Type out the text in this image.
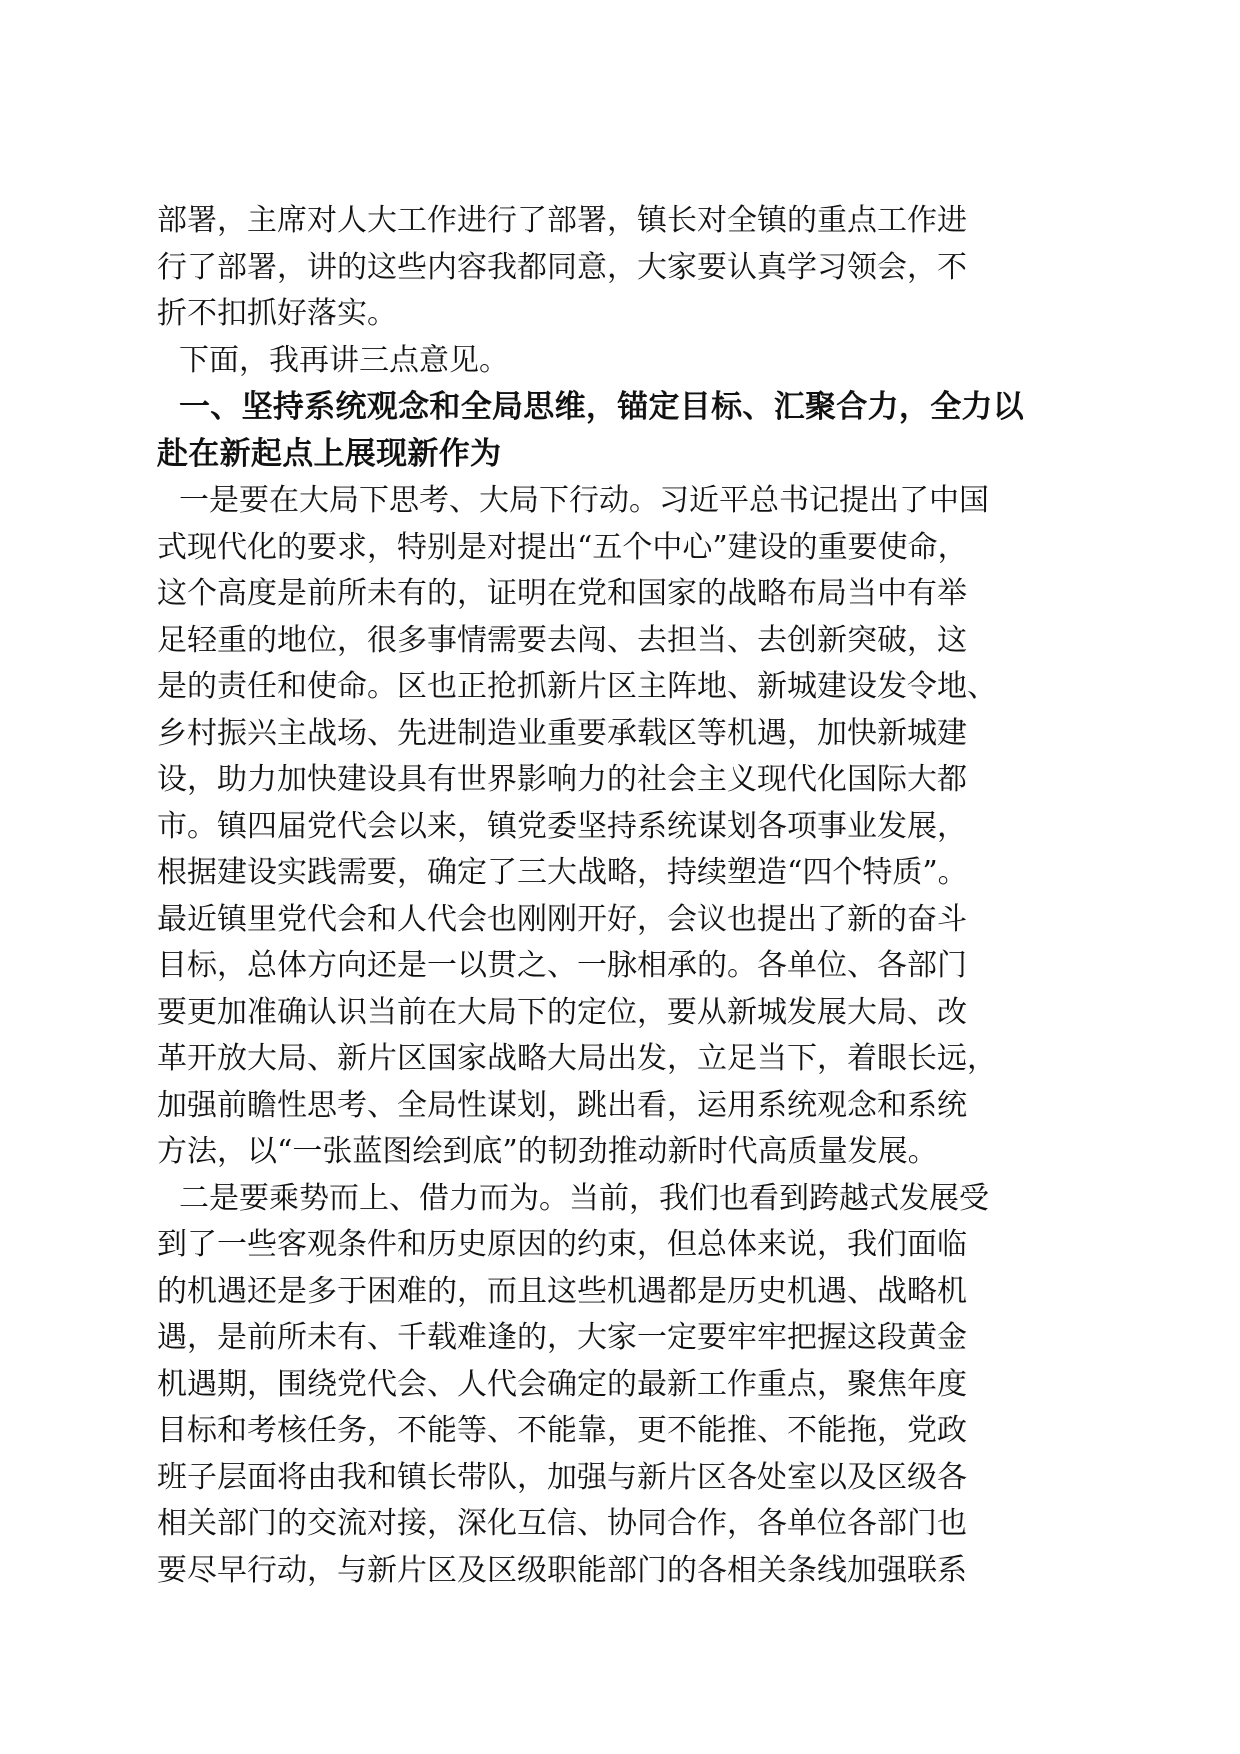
部署，主席对人大工作进行了部署，镇长对全镇的重点工作进
行了部署，讲的这些内容我都同意，大家要认真学习领会，不
折不扣抓好落实。
下面，我再讲三点意见。
一、坚持系统观念和全局思维，锚定目标、汇聚合力，全力以
赴在新起点上展现新作为
一是要在大局下思考、大局下行动。习近平总书记提出了中国
式现代化的要求，特别是对提出“五个中心”建设的重要使命，
这个高度是前所未有的，证明在党和国家的战略布局当中有举
足轻重的地位，很多事情需要去闯、去担当、去创新突破，这
是的责任和使命。区也正抢抓新片区主阵地、新城建设发令地、
乡村振兴主战场、先进制造业重要承载区等机遇，加快新城建
设，助力加快建设具有世界影响力的社会主义现代化国际大都
市。镇四届党代会以来，镇党委坚持系统谋划各项事业发展，
根据建设实践需要，确定了三大战略，持续塑造“四个特质”。
最近镇里党代会和人代会也刚刚开好，会议也提出了新的奋斗
目标，总体方向还是一以贯之、一脉相承的。各单位、各部门
要更加准确认识当前在大局下的定位，要从新城发展大局、改
革开放大局、新片区国家战略大局出发，立足当下，着眼长远，
加强前瞻性思考、全局性谋划，跳出看，运用系统观念和系统
方法，以“一张蓝图绘到底”的韧劲推动新时代高质量发展。
二是要乘势而上、借力而为。当前，我们也看到跨越式发展受
到了一些客观条件和历史原因的约束，但总体来说，我们面临
的机遇还是多于困难的，而且这些机遇都是历史机遇、战略机
遇，是前所未有、千载难逢的，大家一定要牢牢把握这段黄金
机遇期，围绕党代会、人代会确定的最新工作重点，聚焦年度
目标和考核任务，不能等、不能靠，更不能推、不能拖，党政
班子层面将由我和镇长带队，加强与新片区各处室以及区级各
相关部门的交流对接，深化互信、协同合作，各单位各部门也
要尽早行动，与新片区及区级职能部门的各相关条线加强联系
